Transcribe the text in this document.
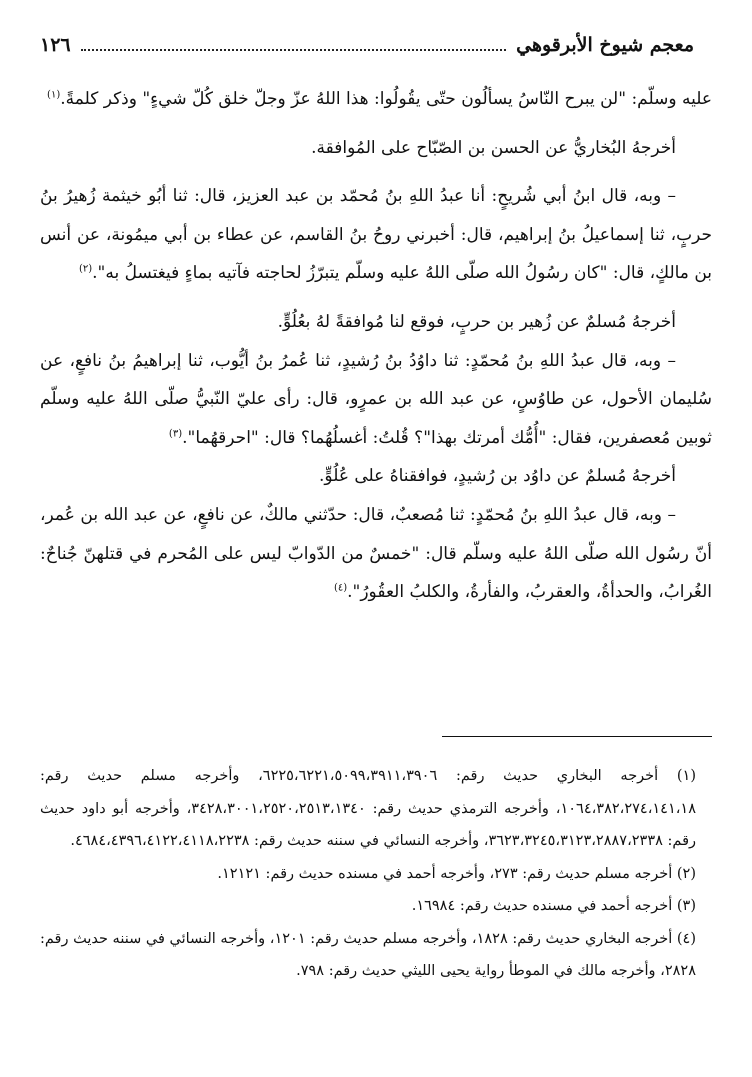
معجم شيوخ الأبرقوهي
١٢٦

عليه وسلّم: "لن يبرح النّاسُ يسألُون حتّى يقُولُوا: هذا اللهُ عزّ وجلّ خلق كُلّ شيءٍ" وذكر كلمةً.$^{(١)}$

أخرجهُ البُخاريُّ عن الحسن بن الصّبّاح على المُوافقة.

– وبه، قال ابنُ أبي شُريحٍ: أنا عبدُ اللهِ بنُ مُحمّد بن عبد العزيز، قال: ثنا أبُو خيثمة زُهيرُ بنُ حربٍ، ثنا إسماعيلُ بنُ إبراهيم، قال: أخبرني روحُ بنُ القاسم، عن عطاء بن أبي ميمُونة، عن أنس بن مالكٍ، قال: "كان رسُولُ الله صلّى اللهُ عليه وسلّم يتبرّزُ لحاجته فآتيه بماءٍ فيغتسلُ به".$^{(٢)}$

أخرجهُ مُسلمٌ عن زُهير بن حربٍ، فوقع لنا مُوافقةً لهُ بعُلُوٍّ.

– وبه، قال عبدُ اللهِ بنُ مُحمّدٍ: ثنا داوُدُ بنُ رُشيدٍ، ثنا عُمرُ بنُ أيُّوب، ثنا إبراهيمُ بنُ نافعٍ، عن سُليمان الأحول، عن طاوُسٍ، عن عبد الله بن عمرٍو، قال: رأى عليّ النّبيُّ صلّى اللهُ عليه وسلّم ثوبين مُعصفرين، فقال: "أُمُّك أمرتك بهذا"؟ قُلتُ: أغسلُهُما؟ قال: "احرقهُما".$^{(٣)}$

أخرجهُ مُسلمٌ عن داوُد بن رُشيدٍ، فوافقناهُ على عُلُوٍّ.

– وبه، قال عبدُ اللهِ بنُ مُحمّدٍ: ثنا مُصعبٌ، قال: حدّثني مالكٌ، عن نافعٍ، عن عبد الله بن عُمر، أنّ رسُول الله صلّى اللهُ عليه وسلّم قال: "خمسٌ من الدّوابّ ليس على المُحرم في قتلهنّ جُناحٌ: الغُرابُ، والحدأةُ، والعقربُ، والفأرةُ، والكلبُ العقُورُ".$^{(٤)}$

(١) أخرجه البخاري حديث رقم: ٦٢٢٥،٦٢٢١،٥٠٩٩،٣٩١١،٣٩٠٦، وأخرجه مسلم حديث رقم: ١٠٦٤،٣٨٢،٢٧٤،١٤١،١٨، وأخرجه الترمذي حديث رقم: ٣٤٢٨،٣٠٠١،٢٥٢٠،٢٥١٣،١٣٤٠، وأخرجه أبو داود حديث رقم: ٣٦٢٣،٣٢٤٥،٣١٢٣،٢٨٨٧،٢٣٣٨، وأخرجه النسائي في سننه حديث رقم: ٤٦٨٤،٤٣٩٦،٤١٢٢،٤١١٨،٢٢٣٨.

(٢) أخرجه مسلم حديث رقم: ٢٧٣، وأخرجه أحمد في مسنده حديث رقم: ١٢١٢١.

(٣) أخرجه أحمد في مسنده حديث رقم: ١٦٩٨٤.

(٤) أخرجه البخاري حديث رقم: ١٨٢٨، وأخرجه مسلم حديث رقم: ١٢٠١، وأخرجه النسائي في سننه حديث رقم: ٢٨٢٨، وأخرجه مالك في الموطأ رواية يحيى الليثي حديث رقم: ٧٩٨.
